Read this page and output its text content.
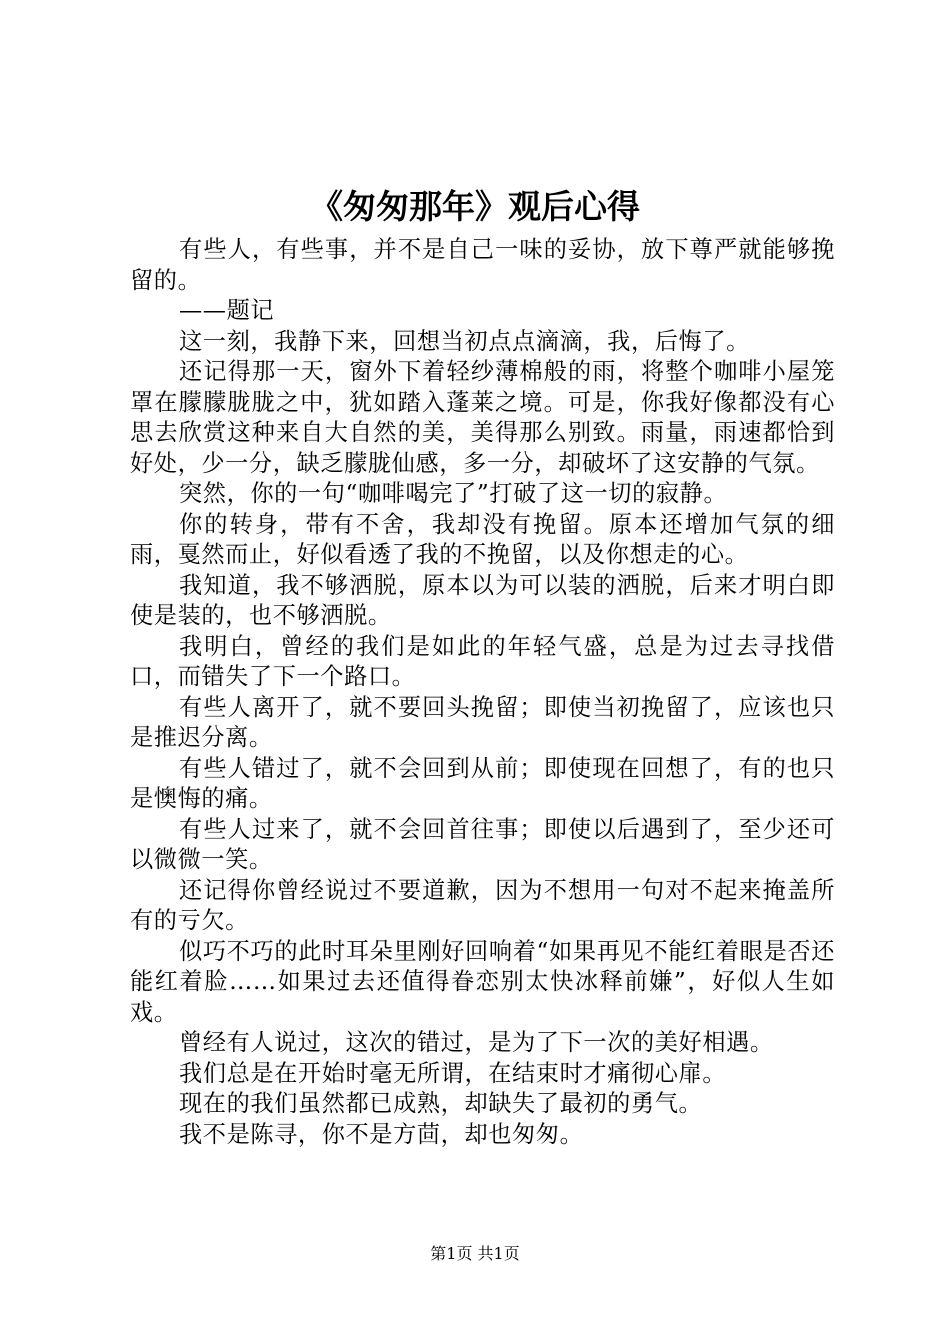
《匆匆那年》观后心得

有些人，有些事，并不是自己一味的妥协，放下尊严就能够挽留的。

——题记

这一刻，我静下来，回想当初点点滴滴，我，后悔了。

还记得那一天，窗外下着轻纱薄棉般的雨，将整个咖啡小屋笼罩在朦朦胧胧之中，犹如踏入蓬莱之境。可是，你我好像都没有心思去欣赏这种来自大自然的美，美得那么别致。雨量，雨速都恰到好处，少一分，缺乏朦胧仙感，多一分，却破坏了这安静的气氛。

突然，你的一句“咖啡喝完了”打破了这一切的寂静。

你的转身，带有不舍，我却没有挽留。原本还增加气氛的细雨，戛然而止，好似看透了我的不挽留，以及你想走的心。

我知道，我不够洒脱，原本以为可以装的洒脱，后来才明白即使是装的，也不够洒脱。

我明白，曾经的我们是如此的年轻气盛，总是为过去寻找借口，而错失了下一个路口。

有些人离开了，就不要回头挽留；即使当初挽留了，应该也只是推迟分离。

有些人错过了，就不会回到从前；即使现在回想了，有的也只是懊悔的痛。

有些人过来了，就不会回首往事；即使以后遇到了，至少还可以微微一笑。

还记得你曾经说过不要道歉，因为不想用一句对不起来掩盖所有的亏欠。

似巧不巧的此时耳朵里刚好回响着“如果再见不能红着眼是否还能红着脸……如果过去还值得眷恋别太快冰释前嫌”，好似人生如戏。

曾经有人说过，这次的错过，是为了下一次的美好相遇。

我们总是在开始时毫无所谓，在结束时才痛彻心扉。

现在的我们虽然都已成熟，却缺失了最初的勇气。

我不是陈寻，你不是方茴，却也匆匆。

第1页 共1页
